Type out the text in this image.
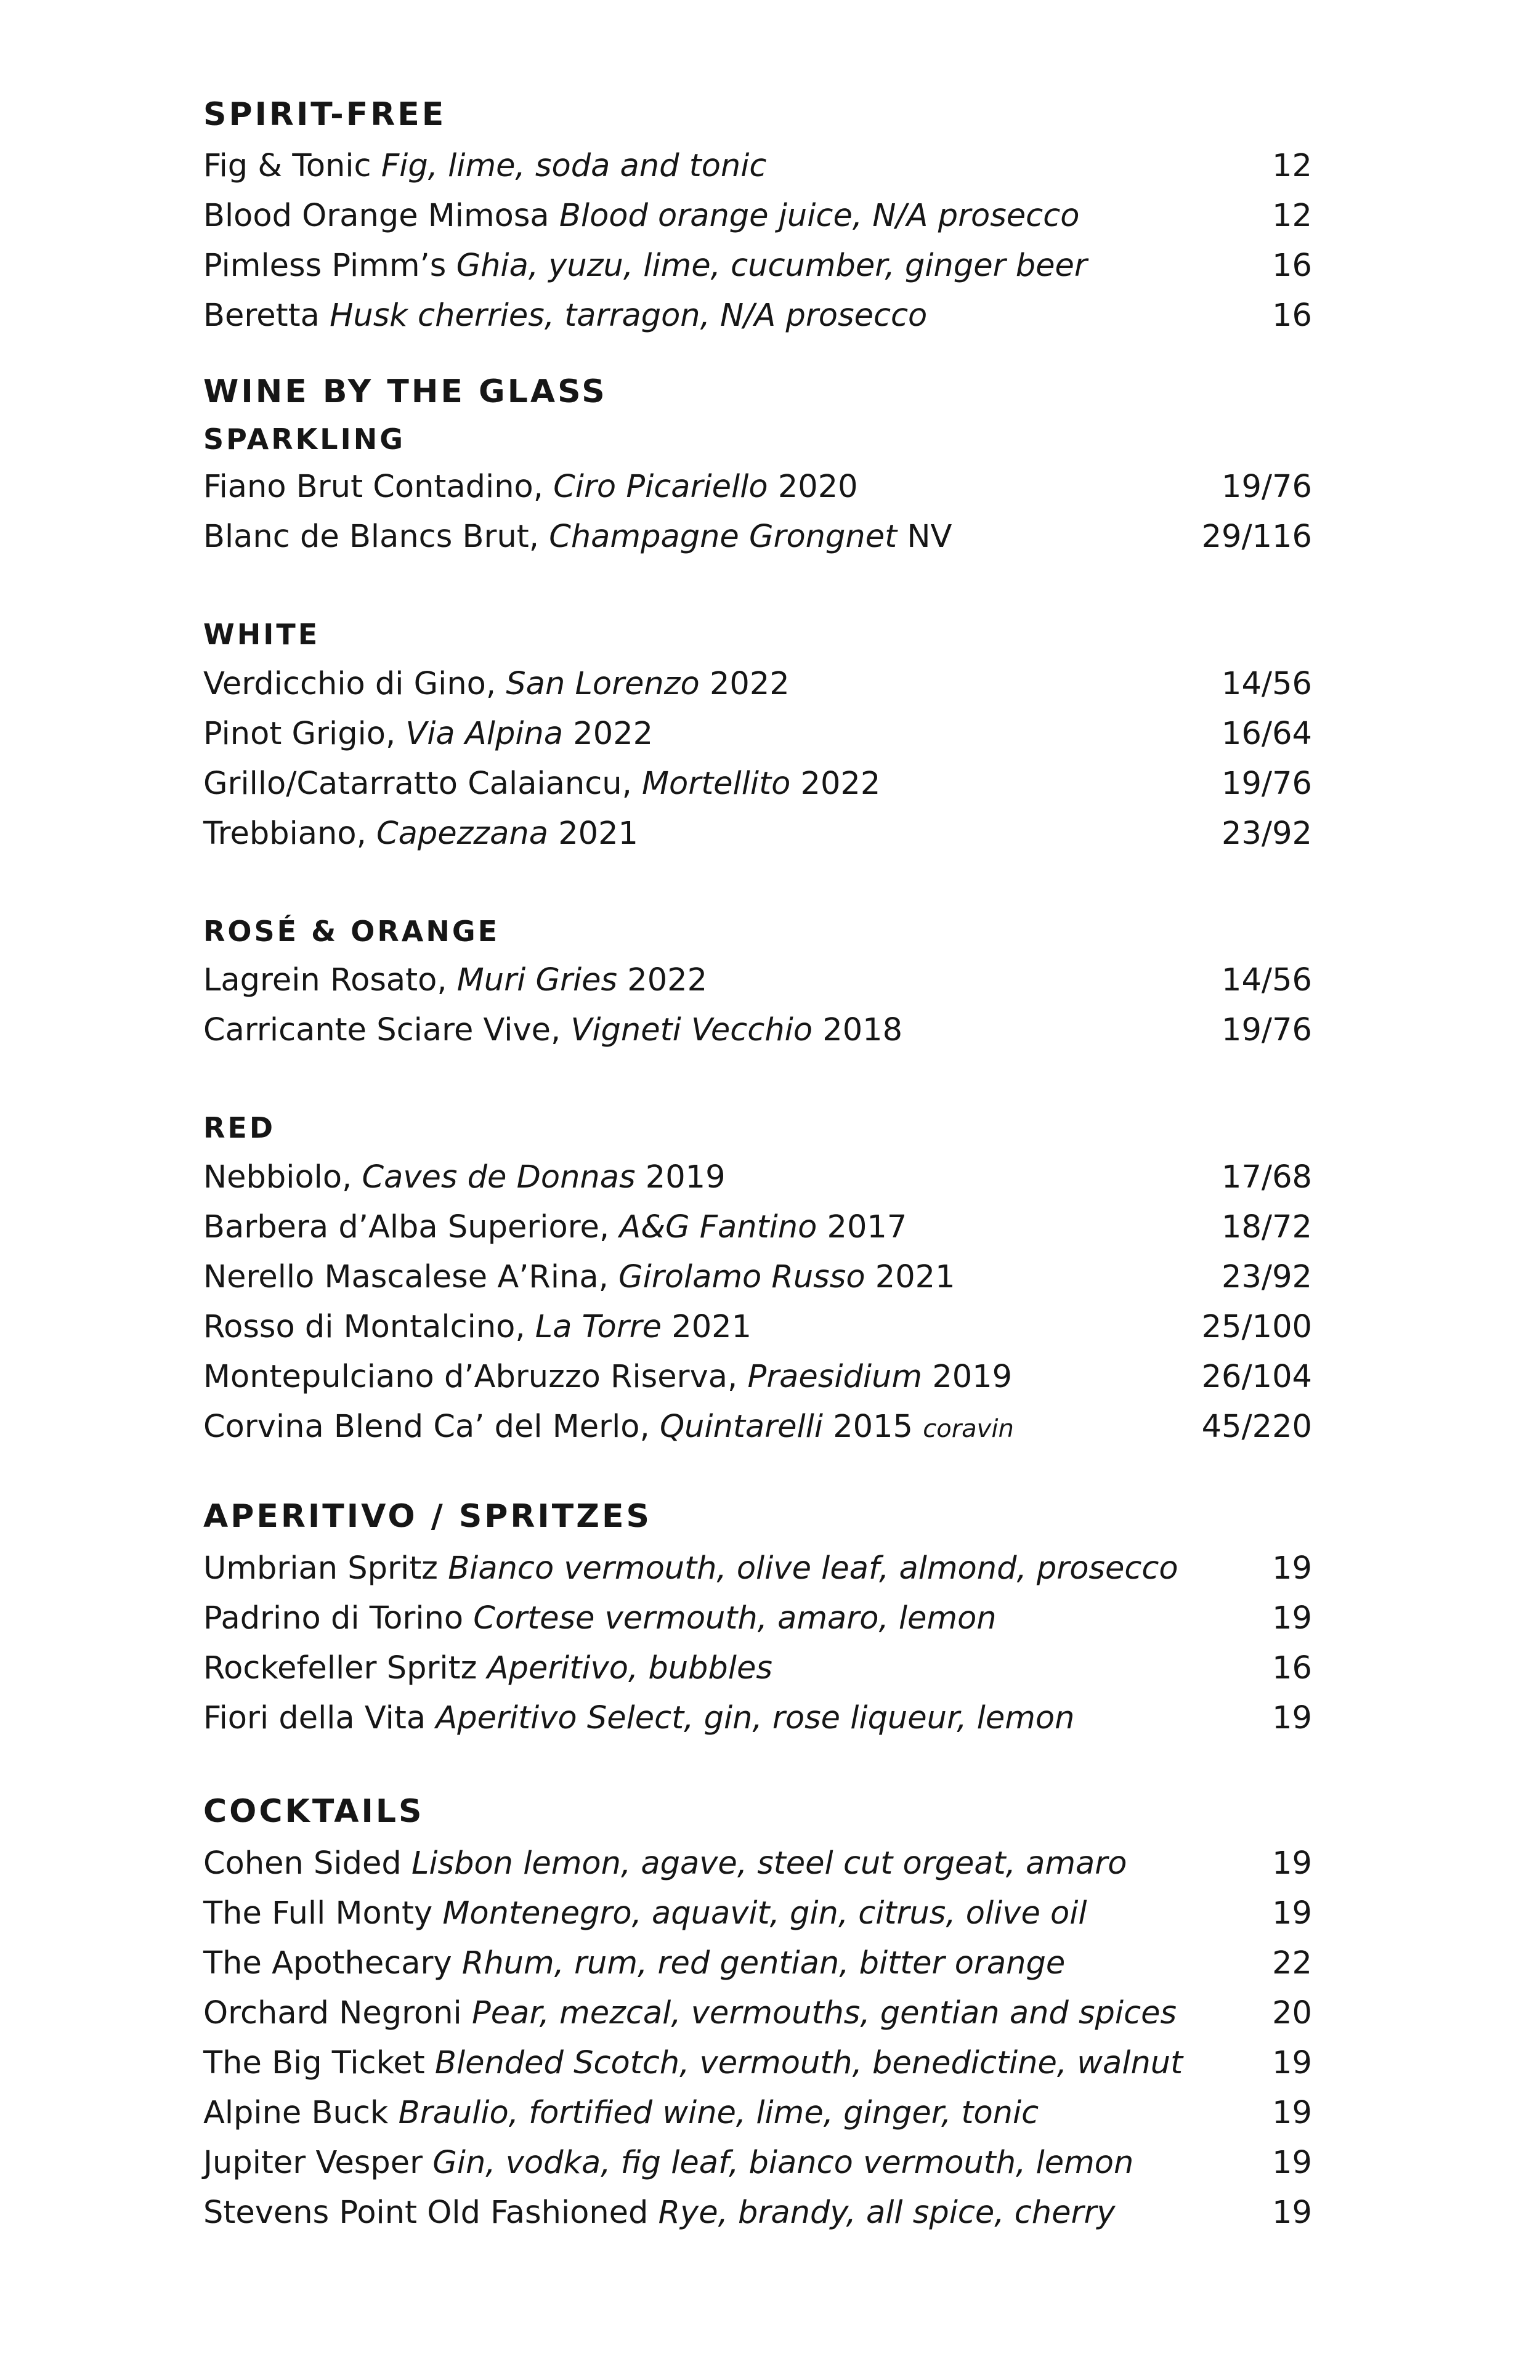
SPIRIT-FREE
Fig & Tonic Fig, lime, soda and tonic	12
Blood Orange Mimosa Blood orange juice, N/A prosecco	12
Pimless Pimm’s Ghia, yuzu, lime, cucumber, ginger beer	16
Beretta Husk cherries, tarragon, N/A prosecco	16
WINE BY THE GLASS
SPARKLING
Fiano Brut Contadino, Ciro Picariello 2020	19/76
Blanc de Blancs Brut, Champagne Grongnet NV	29/116
WHITE
Verdicchio di Gino, San Lorenzo 2022	14/56
Pinot Grigio, Via Alpina 2022	16/64
Grillo/Catarratto Calaiancu, Mortellito 2022	19/76
Trebbiano, Capezzana 2021	23/92
ROSÉ & ORANGE
Lagrein Rosato, Muri Gries 2022	14/56
Carricante Sciare Vive, Vigneti Vecchio 2018	19/76
RED
Nebbiolo, Caves de Donnas 2019	17/68
Barbera d’Alba Superiore, A&G Fantino 2017	18/72
Nerello Mascalese A’Rina, Girolamo Russo 2021	23/92
Rosso di Montalcino, La Torre 2021	25/100
Montepulciano d’Abruzzo Riserva, Praesidium 2019	26/104
Corvina Blend Ca’ del Merlo, Quintarelli 2015 coravin	45/220
APERITIVO / SPRITZES
Umbrian Spritz Bianco vermouth, olive leaf, almond, prosecco	19
Padrino di Torino Cortese vermouth, amaro, lemon	19
Rockefeller Spritz Aperitivo, bubbles	16
Fiori della Vita Aperitivo Select, gin, rose liqueur, lemon	19
COCKTAILS
Cohen Sided Lisbon lemon, agave, steel cut orgeat, amaro	19
The Full Monty Montenegro, aquavit, gin, citrus, olive oil	19
The Apothecary Rhum, rum, red gentian, bitter orange	22
Orchard Negroni Pear, mezcal, vermouths, gentian and spices	20
The Big Ticket Blended Scotch, vermouth, benedictine, walnut	19
Alpine Buck Braulio, fortified wine, lime, ginger, tonic	19
Jupiter Vesper Gin, vodka, fig leaf, bianco vermouth, lemon	19
Stevens Point Old Fashioned Rye, brandy, all spice, cherry	19
